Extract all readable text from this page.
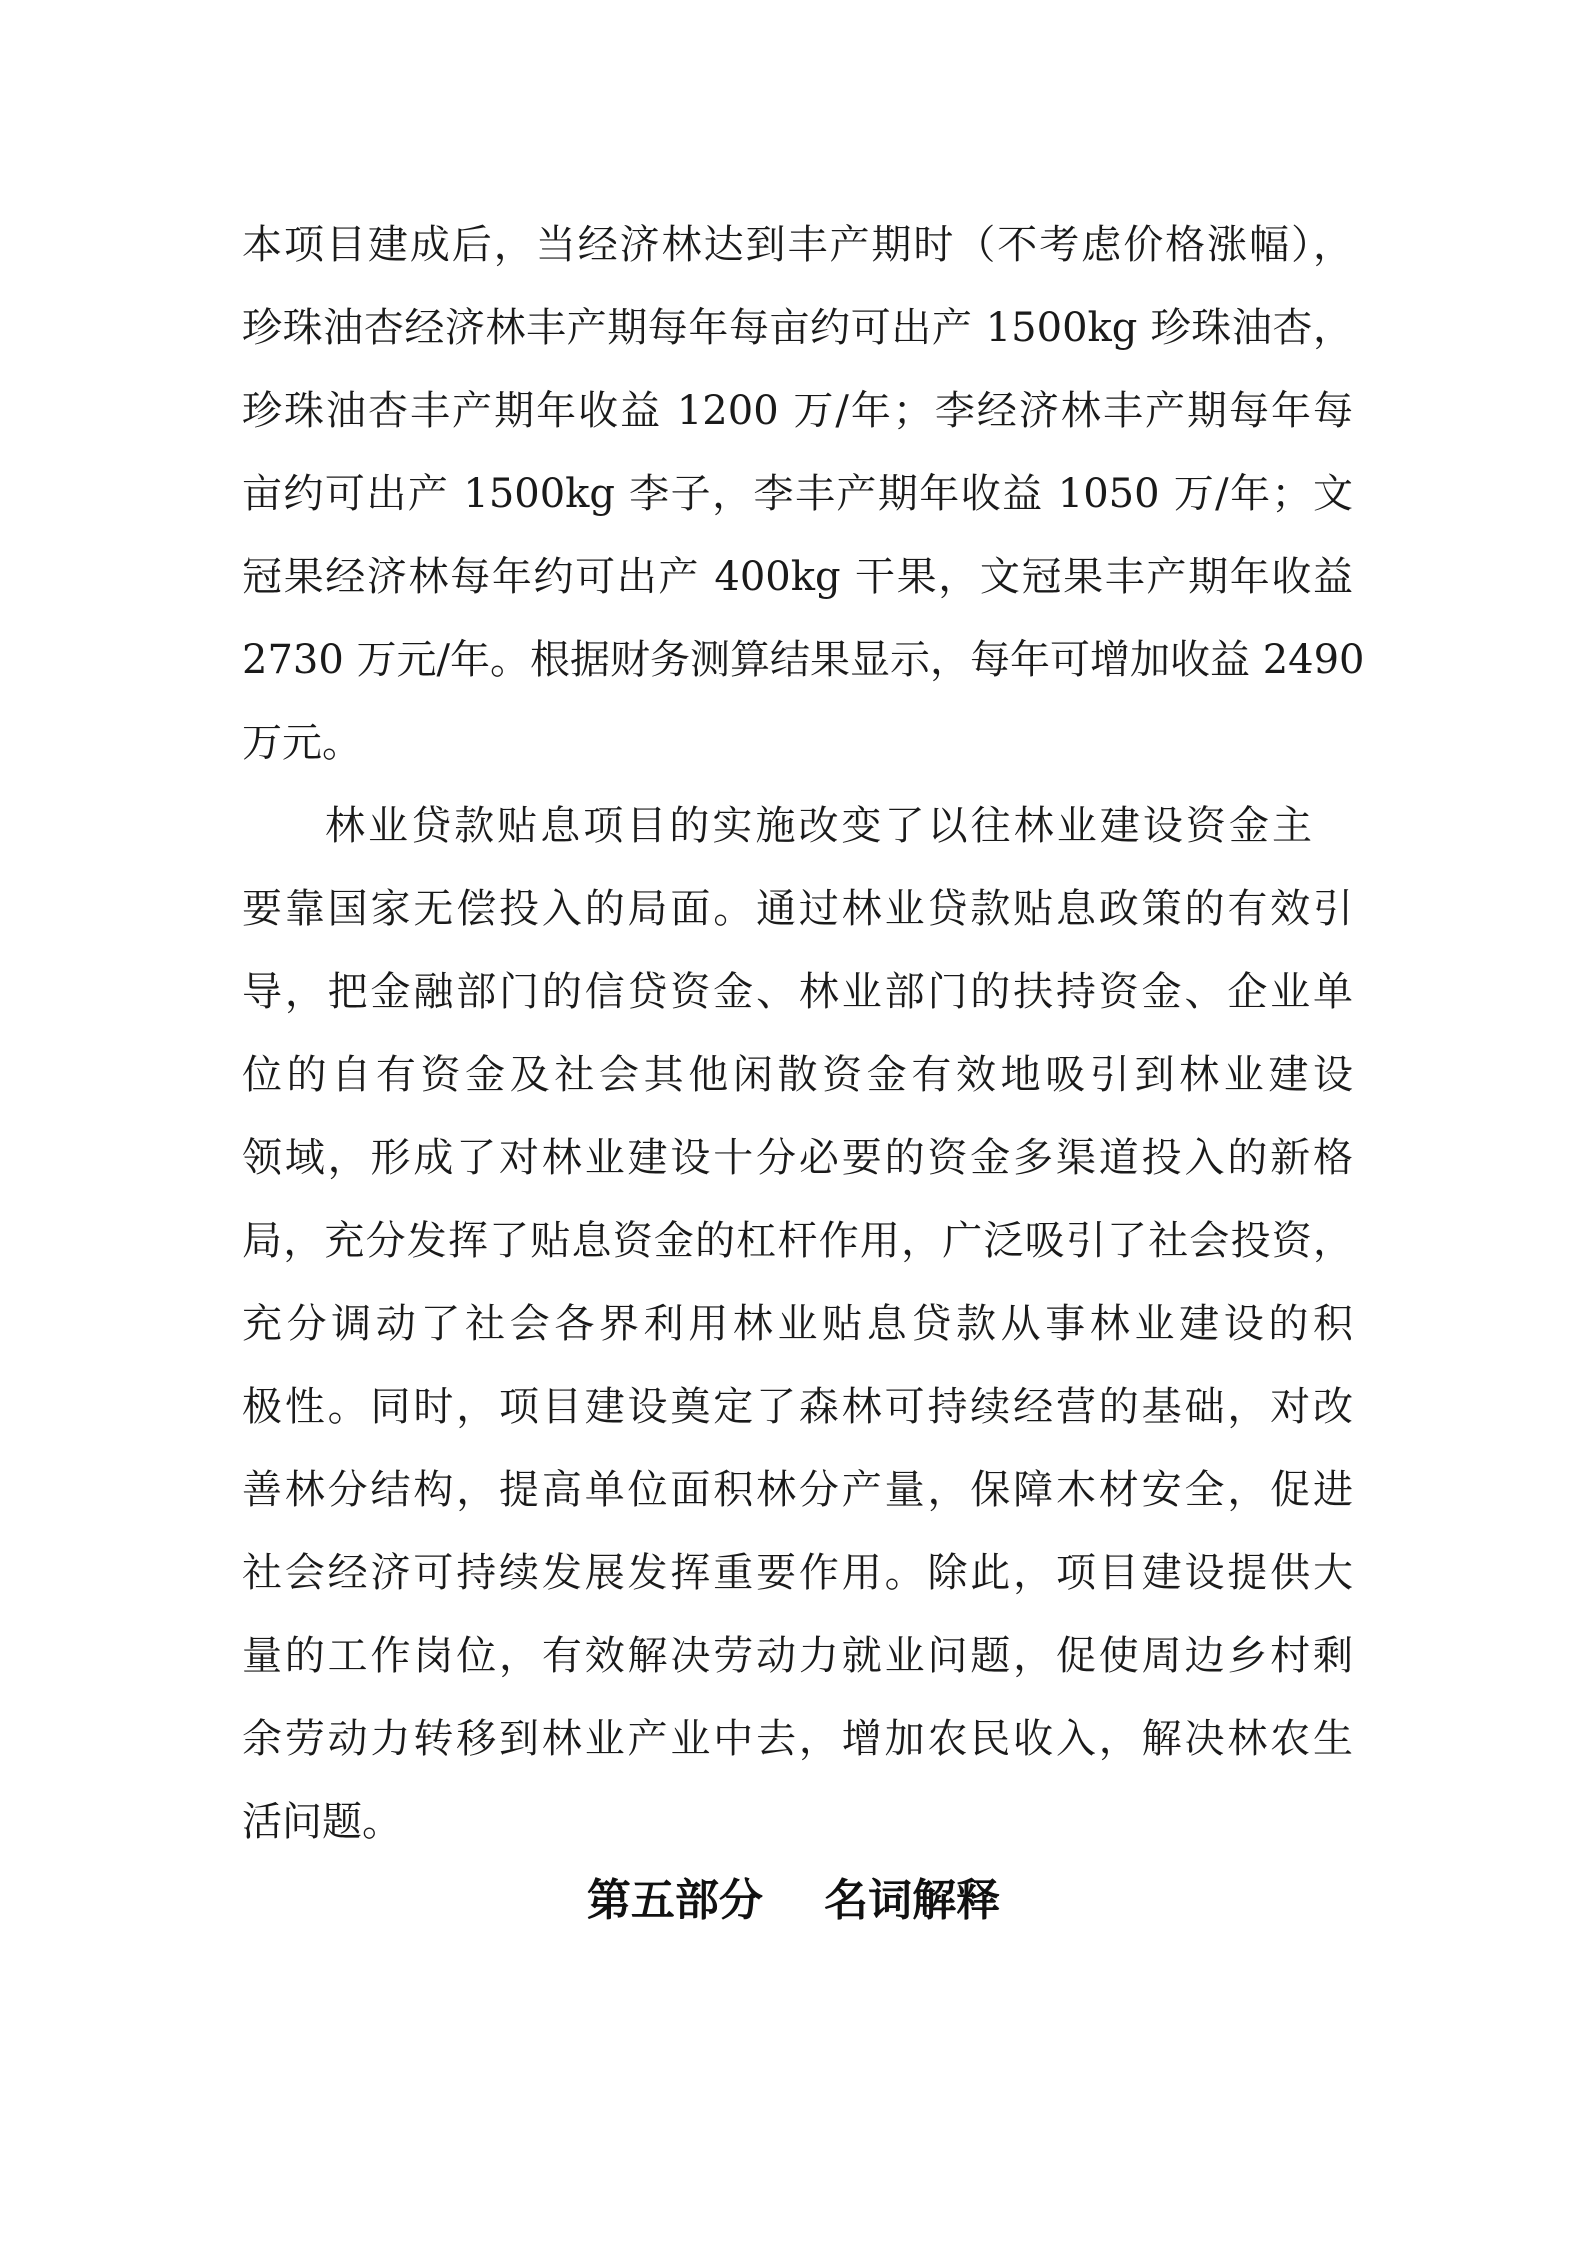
本项目建成后，当经济林达到丰产期时（不考虑价格涨幅），
珍珠油杏经济林丰产期每年每亩约可出产 1500kg 珍珠油杏，
珍珠油杏丰产期年收益 1200 万/年；李经济林丰产期每年每
亩约可出产 1500kg 李子，李丰产期年收益 1050 万/年；文
冠果经济林每年约可出产 400kg 干果，文冠果丰产期年收益
2730 万元/年。根据财务测算结果显示，每年可增加收益 2490
万元。
林业贷款贴息项目的实施改变了以往林业建设资金主
要靠国家无偿投入的局面。通过林业贷款贴息政策的有效引
导，把金融部门的信贷资金、林业部门的扶持资金、企业单
位的自有资金及社会其他闲散资金有效地吸引到林业建设
领域，形成了对林业建设十分必要的资金多渠道投入的新格
局，充分发挥了贴息资金的杠杆作用，广泛吸引了社会投资，
充分调动了社会各界利用林业贴息贷款从事林业建设的积
极性。同时，项目建设奠定了森林可持续经营的基础，对改
善林分结构，提高单位面积林分产量，保障木材安全，促进
社会经济可持续发展发挥重要作用。除此，项目建设提供大
量的工作岗位，有效解决劳动力就业问题，促使周边乡村剩
余劳动力转移到林业产业中去，增加农民收入，解决林农生
活问题。
第五部分    名词解释
